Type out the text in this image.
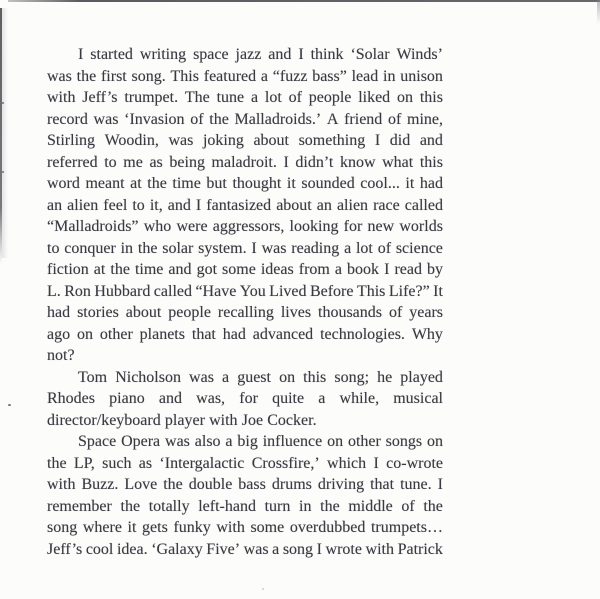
I started writing space jazz and I think ‘Solar Winds’
was the first song. This featured a “fuzz bass” lead in unison
with Jeff’s trumpet. The tune a lot of people liked on this
record was ‘Invasion of the Malladroids.’ A friend of mine,
Stirling Woodin, was joking about something I did and
referred to me as being maladroit. I didn’t know what this
word meant at the time but thought it sounded cool... it had
an alien feel to it, and I fantasized about an alien race called
“Malladroids” who were aggressors, looking for new worlds
to conquer in the solar system. I was reading a lot of science
fiction at the time and got some ideas from a book I read by
L. Ron Hubbard called “Have You Lived Before This Life?” It
had stories about people recalling lives thousands of years
ago on other planets that had advanced technologies. Why
not?
Tom Nicholson was a guest on this song; he played
Rhodes piano and was, for quite a while, musical
director/keyboard player with Joe Cocker.
Space Opera was also a big influence on other songs on
the LP, such as ‘Intergalactic Crossfire,’ which I co-wrote
with Buzz. Love the double bass drums driving that tune. I
remember the totally left-hand turn in the middle of the
song where it gets funky with some overdubbed trumpets…
Jeff’s cool idea. ‘Galaxy Five’ was a song I wrote with Patrick
